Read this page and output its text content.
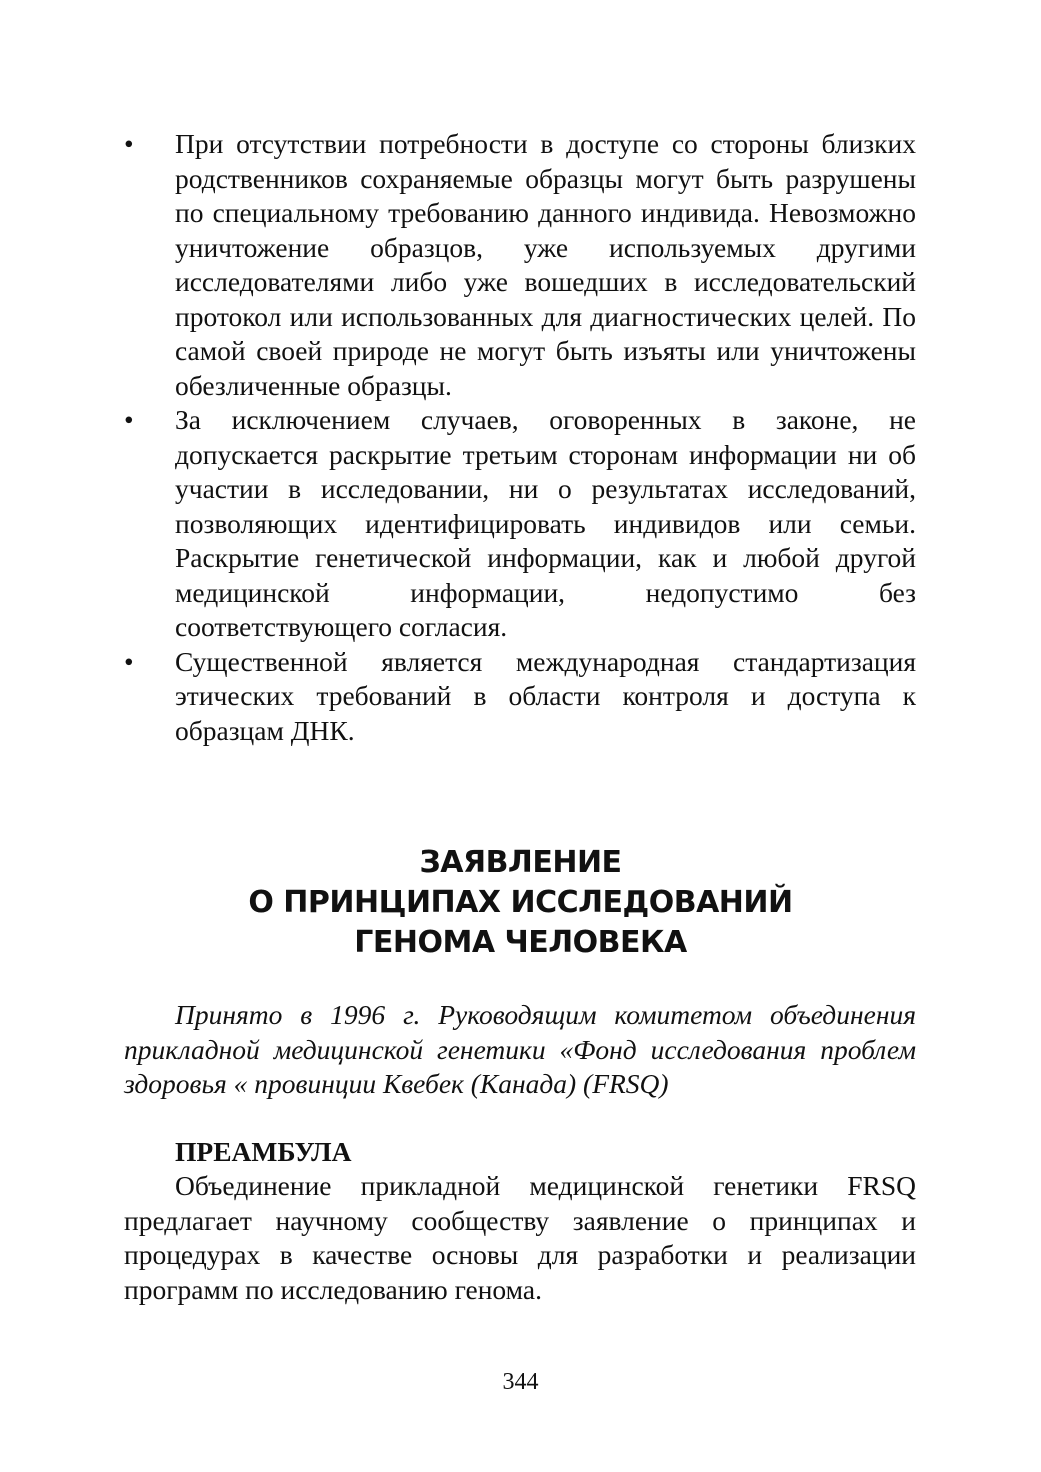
•	При отсутствии потребности в доступе со стороны близких родственников сохраняемые образцы могут быть разрушены по специальному требованию данного индивида. Невозможно уничтожение образцов, уже используемых другими исследователями либо уже вошедших в исследовательский протокол или использованных для диагностических целей. По самой своей природе не могут быть изъяты или уничтожены обезличенные образцы.
•	За исключением случаев, оговоренных в законе, не допускается раскрытие третьим сторонам информации ни об участии в исследовании, ни о результатах исследований, позволяющих идентифицировать индивидов или семьи. Раскрытие генетической информации, как и любой другой медицинской информации, недопустимо без соответствующего согласия.
•	Существенной является международная стандартизация этических требований в области контроля и доступа к образцам ДНК.
ЗАЯВЛЕНИЕ
О ПРИНЦИПАХ ИССЛЕДОВАНИЙ
ГЕНОМА ЧЕЛОВЕКА

Принято в 1996 г. Руководящим комитетом объединения прикладной медицинской генетики «Фонд исследования проблем здоровья « провинции Квебек (Канада) (FRSQ)

ПРЕАМБУЛА

Объединение прикладной медицинской генетики FRSQ предлагает научному сообществу заявление о принципах и процедурах в качестве основы для разработки и реализации программ по исследованию генома.

344
